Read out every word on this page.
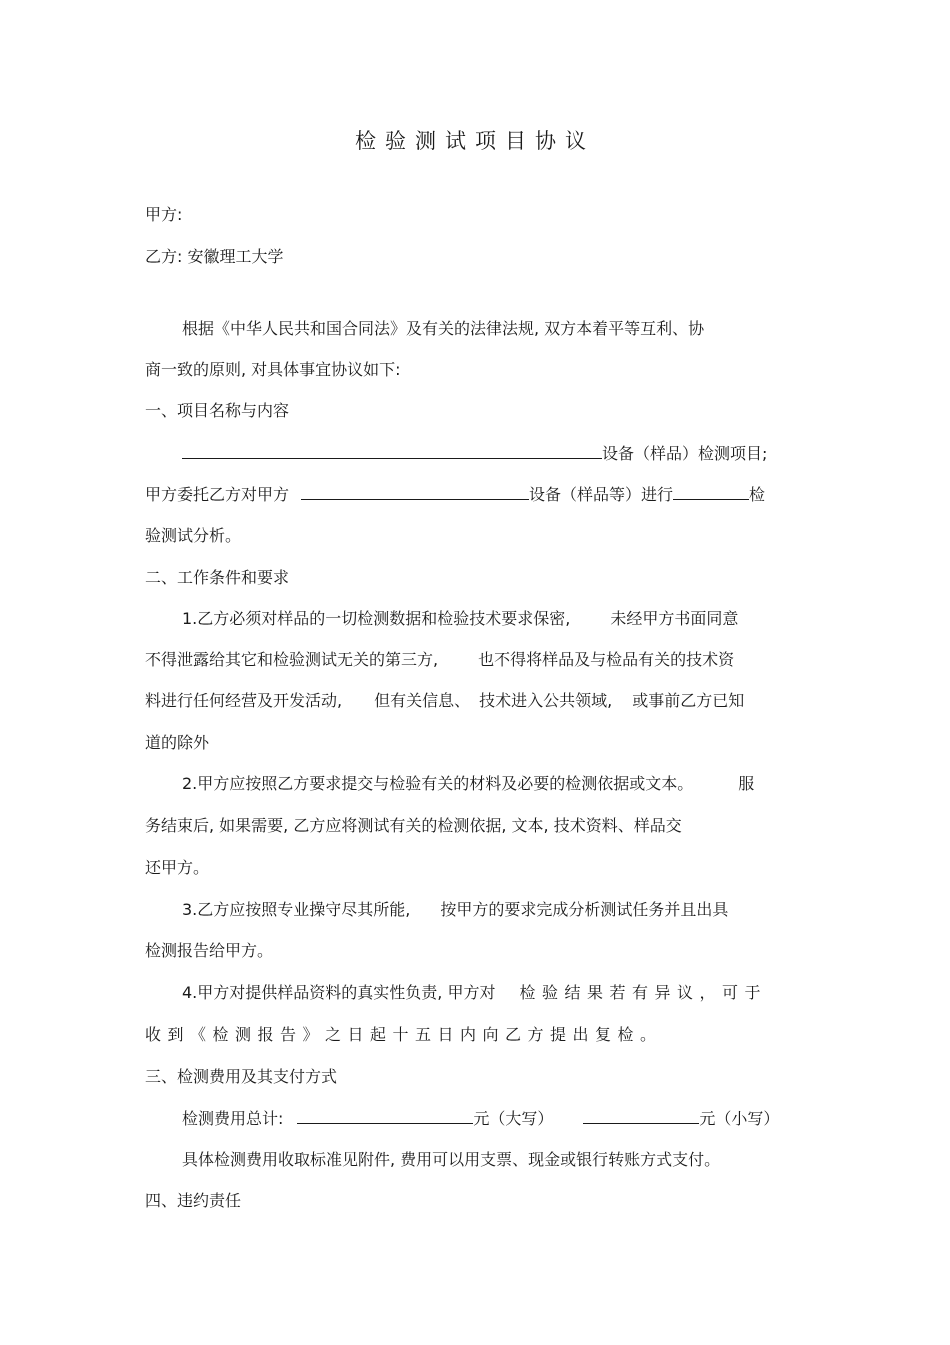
检验测试项目协议
甲方:
乙方: 安徽理工大学
根据《中华人民共和国合同法》及有关的法律法规, 双方本着平等互利、协
商一致的原则, 对具体事宜协议如下:
一、项目名称与内容
设备（样品）检测项目;
甲方委托乙方对甲方	设备（样品等）进行	检
验测试分析。
二、工作条件和要求
1.乙方必须对样品的一切检测数据和检验技术要求保密,	未经甲方书面同意
不得泄露给其它和检验测试无关的第三方,	也不得将样品及与检品有关的技术资
料进行任何经营及开发活动, 但有关信息、 技术进入公共领域, 或事前乙方已知
道的除外
2.甲方应按照乙方要求提交与检验有关的材料及必要的检测依据或文本。	服
务结束后, 如果需要, 乙方应将测试有关的检测依据, 文本, 技术资料、样品交
还甲方。
3.乙方应按照专业操守尽其所能, 按甲方的要求完成分析测试任务并且出具
检测报告给甲方。
4.甲方对提供样品资料的真实性负责, 甲方对 检验结果若有异议，可于
收到《检测报告》之日起十五日内向乙方提出复检。
三、检测费用及其支付方式
检测费用总计:	元（大写）	元（小写）
具体检测费用收取标准见附件, 费用可以用支票、现金或银行转账方式支付。
四、违约责任
